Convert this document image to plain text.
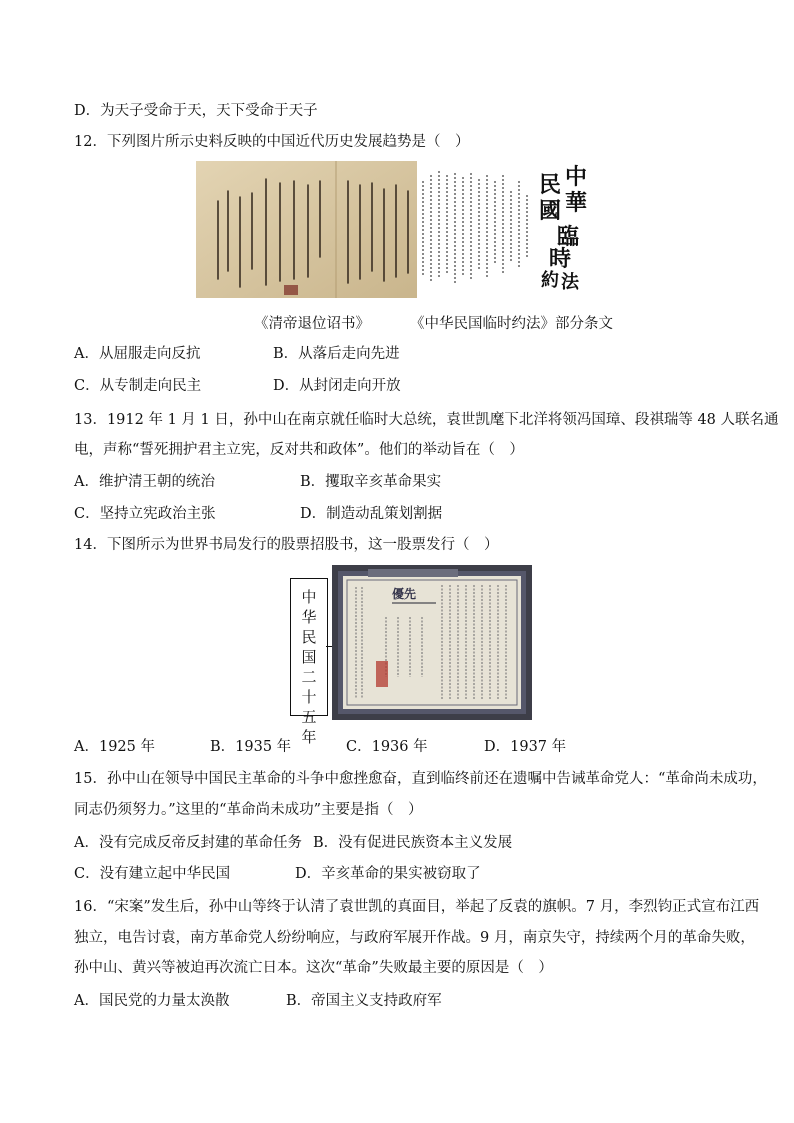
D．为天子受命于天，天下受命于天子
12．下列图片所示史料反映的中国近代历史发展趋势是（　）
中
華
民
國
臨
時
約 法
《清帝退位诏书》	《中华民国临时约法》部分条文
A．从屈服走向反抗	B．从落后走向先进
C．从专制走向民主	D．从封闭走向开放
13．1912 年 1 月 1 日，孙中山在南京就任临时大总统，袁世凯麾下北洋将领冯国璋、段祺瑞等 48 人联名通
电，声称“誓死拥护君主立宪，反对共和政体”。他们的举动旨在（　）
A．维护清王朝的统治	B．攫取辛亥革命果实
C．坚持立宪政治主张	D．制造动乱策划割据
14．下图所示为世界书局发行的股票招股书，这一股票发行（　）
中华民国二十五年
優先
A．1925 年	B．1935 年	C．1936 年	D．1937 年
15．孙中山在领导中国民主革命的斗争中愈挫愈奋，直到临终前还在遗嘱中告诫革命党人：“革命尚未成功，
同志仍须努力。”这里的“革命尚未成功”主要是指（　）
A．没有完成反帝反封建的革命任务 B．没有促进民族资本主义发展
C．没有建立起中华民国	D．辛亥革命的果实被窃取了
16．“宋案”发生后，孙中山等终于认清了袁世凯的真面目，举起了反袁的旗帜。7 月，李烈钧正式宣布江西
独立，电告讨袁，南方革命党人纷纷响应，与政府军展开作战。9 月，南京失守，持续两个月的革命失败，
孙中山、黄兴等被迫再次流亡日本。这次“革命”失败最主要的原因是（　）
A．国民党的力量太涣散	B．帝国主义支持政府军
